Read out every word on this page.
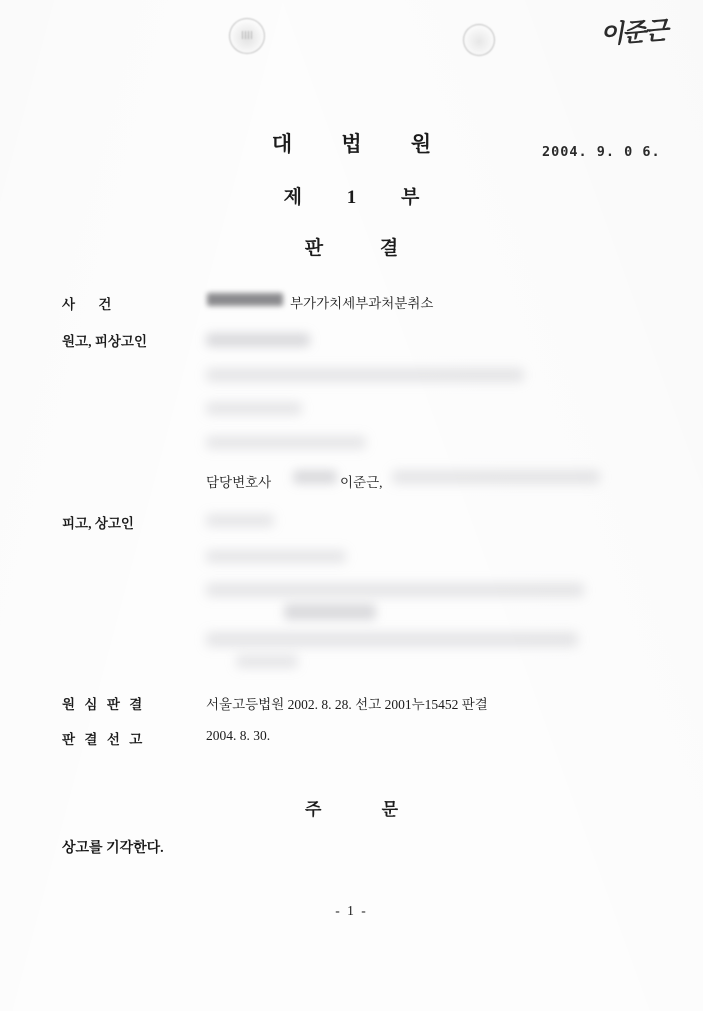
이준근
대 법 원	2004. 9. 0 6.
제 1 부
판 결
사 건	부가가치세부과처분취소
원고, 피상고인
담당변호사	이준근,
피고, 상고인
원 심 판 결	서울고등법원 2002. 8. 28. 선고 2001누15452 판결
판 결 선 고	2004. 8. 30.
주 문
상고를 기각한다.
- 1 -
